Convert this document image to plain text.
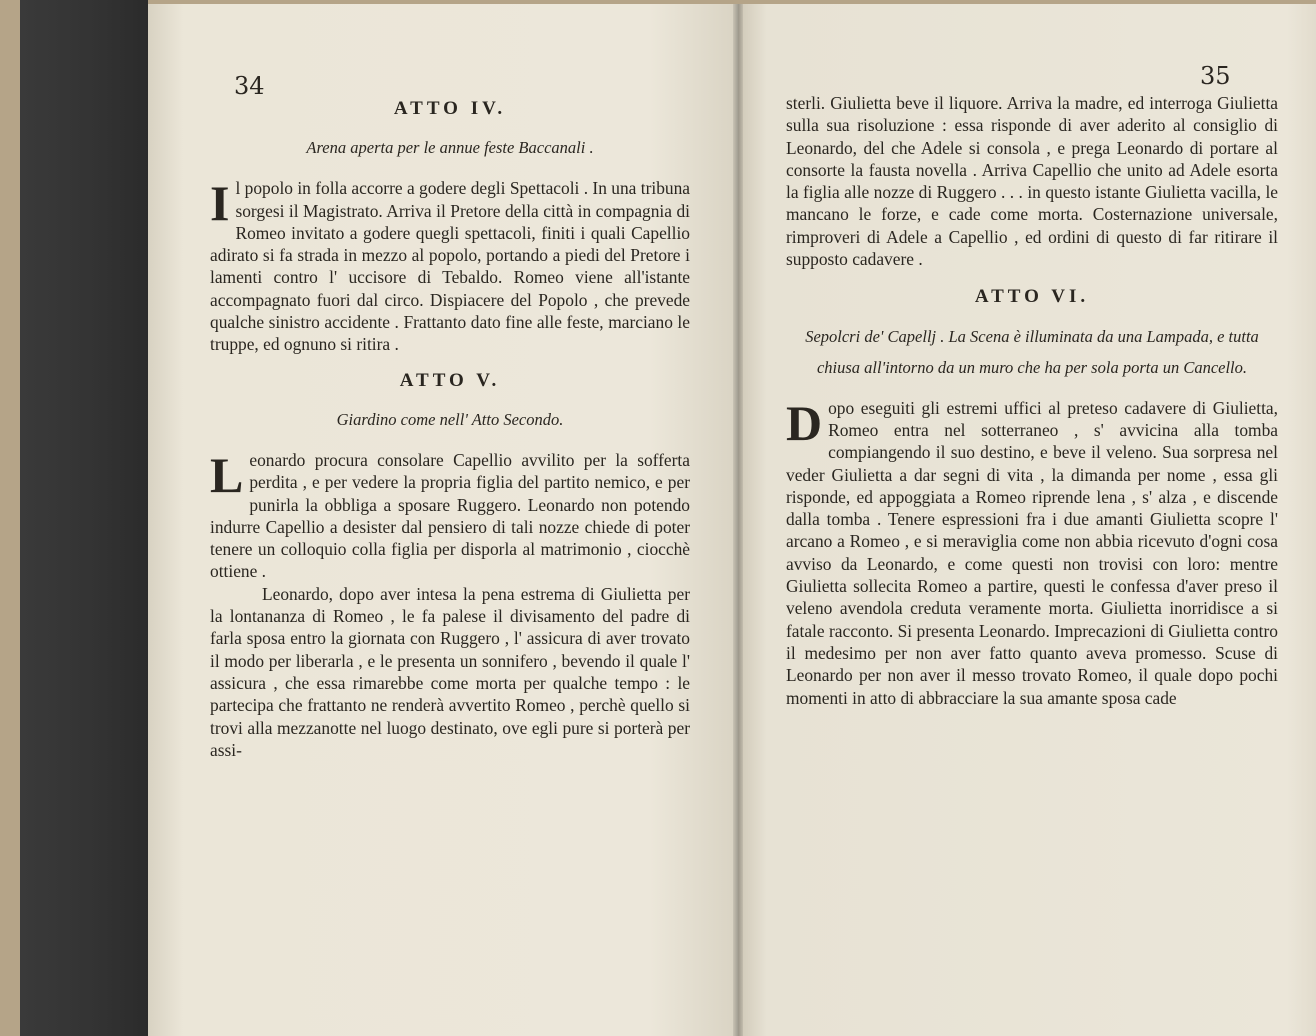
34
ATTO IV.
Arena aperta per le annue feste Baccanali .

I l popolo in folla accorre a godere degli Spettacoli . In una tribuna sorgesi il Magistrato. Arriva il Pretore della città in compagnia di Romeo invitato a godere quegli spettacoli, finiti i quali Capellio adirato si fa strada in mezzo al popolo, portando a piedi del Pretore i lamenti contro l' uccisore di Tebaldo. Romeo viene all'istante accompagnato fuori dal circo. Dispiacere del Popolo , che prevede qualche sinistro accidente . Frattanto dato fine alle feste, marciano le truppe, ed ognuno si ritira .

ATTO V.
Giardino come nell' Atto Secondo.

L eonardo procura consolare Capellio avvilito per la sofferta perdita , e per vedere la propria figlia del partito nemico, e per punirla la obbliga a sposare Ruggero. Leonardo non potendo indurre Capellio a desister dal pensiero di tali nozze chiede di poter tenere un colloquio colla figlia per disporla al matrimonio , ciocchè ottiene .

Leonardo, dopo aver intesa la pena estrema di Giulietta per la lontananza di Romeo , le fa palese il divisamento del padre di farla sposa entro la giornata con Ruggero , l' assicura di aver trovato il modo per liberarla , e le presenta un sonnifero , bevendo il quale l' assicura , che essa rimarebbe come morta per qualche tempo : le partecipa che frattanto ne renderà avvertito Romeo , perchè quello si trovi alla mezzanotte nel luogo destinato, ove egli pure si porterà per assi-

35

sterli. Giulietta beve il liquore. Arriva la madre, ed interroga Giulietta sulla sua risoluzione : essa risponde di aver aderito al consiglio di Leonardo, del che Adele si consola , e prega Leonardo di portare al consorte la fausta novella . Arriva Capellio che unito ad Adele esorta la figlia alle nozze di Ruggero . . . in questo istante Giulietta vacilla, le mancano le forze, e cade come morta. Costernazione universale, rimproveri di Adele a Capellio , ed ordini di questo di far ritirare il supposto cadavere .

ATTO VI.
Sepolcri de' Capellj . La Scena è illuminata da una Lampada, e tutta chiusa all'intorno da un muro che ha per sola porta un Cancello.

D opo eseguiti gli estremi uffici al preteso cadavere di Giulietta, Romeo entra nel sotterraneo , s' avvicina alla tomba compiangendo il suo destino, e beve il veleno. Sua sorpresa nel veder Giulietta a dar segni di vita , la dimanda per nome , essa gli risponde, ed appoggiata a Romeo riprende lena , s' alza , e discende dalla tomba . Tenere espressioni fra i due amanti Giulietta scopre l' arcano a Romeo , e si meraviglia come non abbia ricevuto d'ogni cosa avviso da Leonardo, e come questi non trovisi con loro: mentre Giulietta sollecita Romeo a partire, questi le confessa d'aver preso il veleno avendola creduta veramente morta. Giulietta inorridisce a si fatale racconto. Si presenta Leonardo. Imprecazioni di Giulietta contro il medesimo per non aver fatto quanto aveva promesso. Scuse di Leonardo per non aver il messo trovato Romeo, il quale dopo pochi momenti in atto di abbracciare la sua amante sposa cade
